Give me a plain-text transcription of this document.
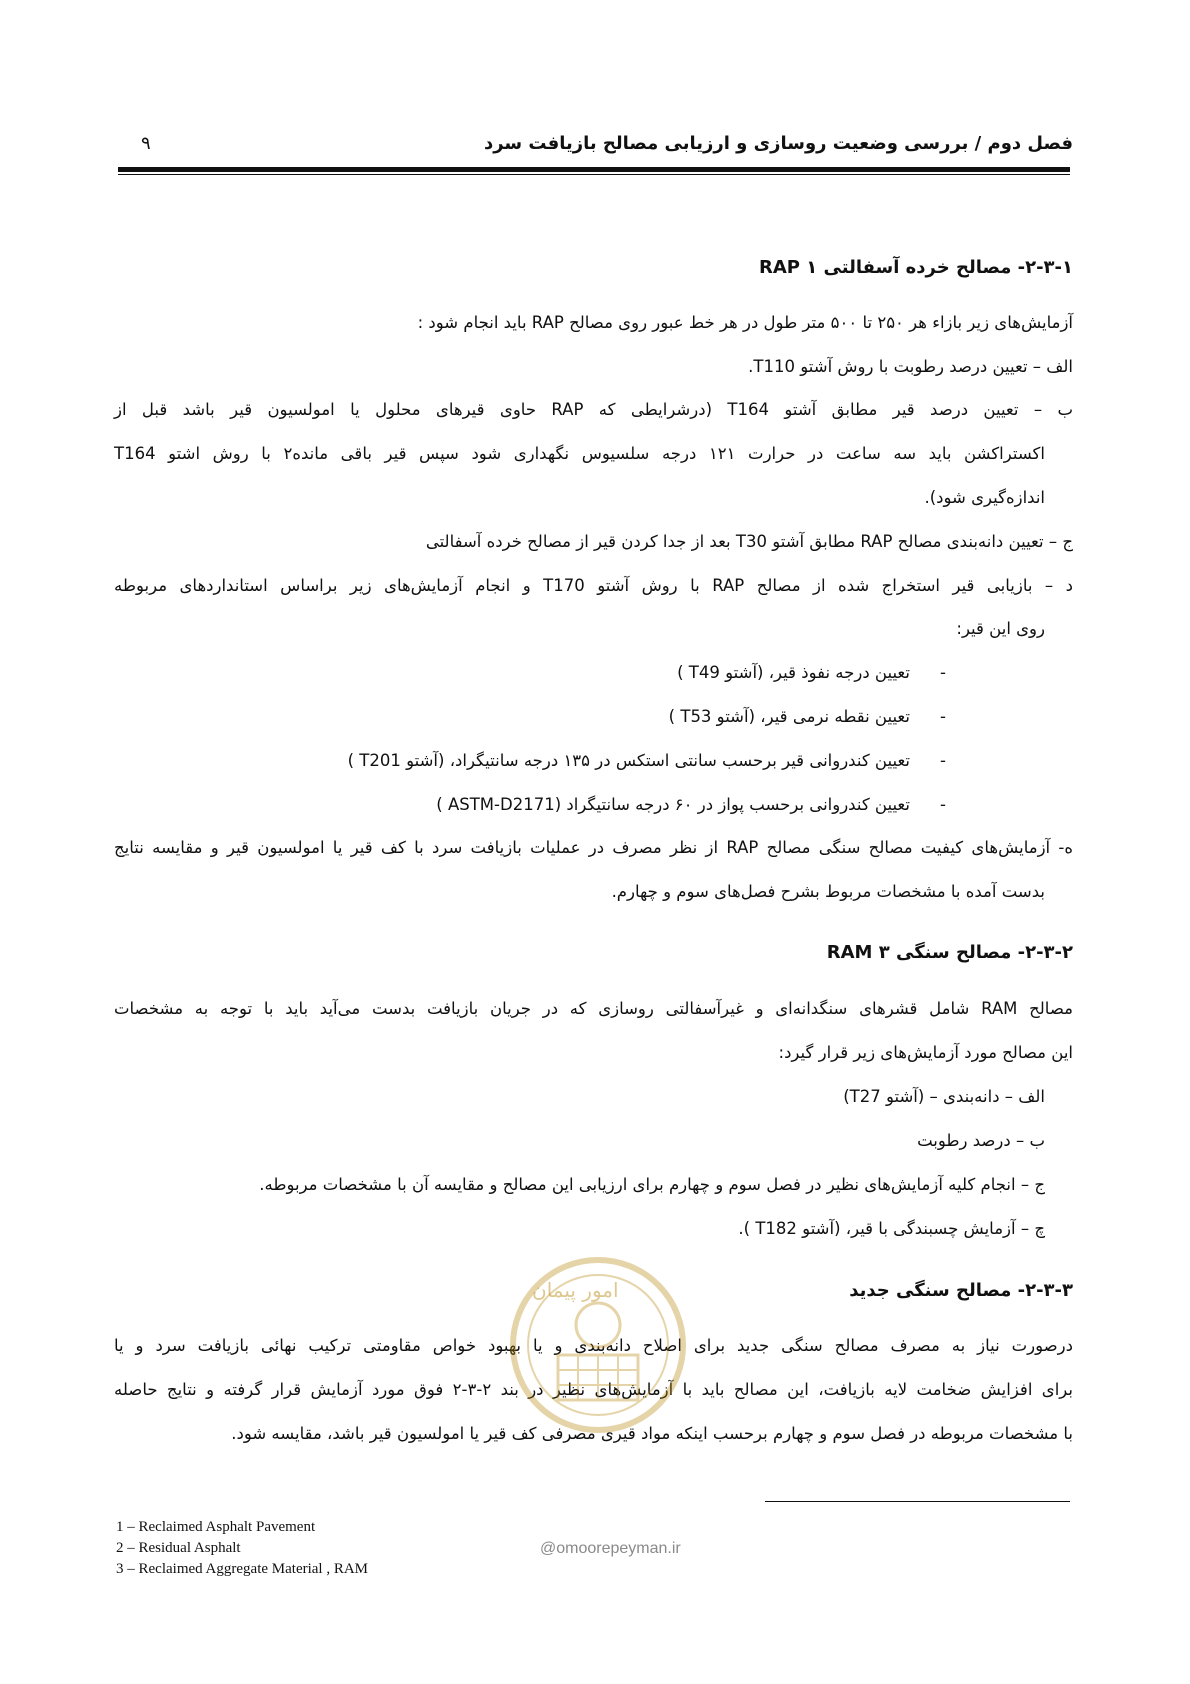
فصل دوم / بررسی وضعیت روسازی و ارزیابی مصالح بازیافت سرد
۹
۲-۳-۱- مصالح خرده آسفالتی RAP ۱
آزمایش‌های زیر بازاء هر ۲۵۰ تا ۵۰۰ متر طول در هر خط عبور روی مصالح RAP باید انجام شود :
الف – تعیین درصد رطوبت با روش آشتو T110.
ب – تعیین درصد قیر مطابق آشتو T164 (درشرایطی که RAP حاوی قیرهای محلول یا امولسیون قیر باشد قبل از
اکستراکشن باید سه ساعت در حرارت ۱۲۱ درجه سلسیوس نگهداری شود سپس قیر باقی مانده۲ با روش اشتو T164
اندازه‌گیری شود).
ج – تعیین دانه‌بندی مصالح RAP مطابق آشتو T30 بعد از جدا کردن قیر از مصالح خرده آسفالتی
د – بازیابی قیر استخراج شده از مصالح RAP با روش آشتو T170 و انجام آزمایش‌های زیر براساس استانداردهای مربوطه
روی این قیر:
-
تعیین درجه نفوذ قیر، (آشتو T49 )
-
تعیین نقطه نرمی قیر، (آشتو T53 )
-
تعیین کندروانی قیر برحسب سانتی استکس در ۱۳۵ درجه سانتیگراد، (آشتو T201 )
-
تعیین کندروانی برحسب پواز در ۶۰ درجه سانتیگراد (ASTM-D2171 )
ه- آزمایش‌های کیفیت مصالح سنگی مصالح RAP از نظر مصرف در عملیات بازیافت سرد با کف قیر یا امولسیون قیر و مقایسه نتایج
بدست آمده با مشخصات مربوط بشرح فصل‌های سوم و چهارم.
۲-۳-۲- مصالح سنگی RAM ۳
مصالح RAM شامل قشرهای سنگدانه‌ای و غیرآسفالتی روسازی که در جریان بازیافت بدست می‌آید باید با توجه به مشخصات
این مصالح مورد آزمایش‌های زیر قرار گیرد:
الف – دانه‌بندی – (آشتو T27)
ب – درصد رطوبت
ج – انجام کلیه آزمایش‌های نظیر در فصل سوم و چهارم برای ارزیابی این مصالح و مقایسه آن با مشخصات مربوطه.
چ – آزمایش چسبندگی با قیر، (آشتو T182 ).
۲-۳-۳- مصالح سنگی جدید
درصورت نیاز به مصرف مصالح سنگی جدید برای اصلاح دانه‌بندی و یا بهبود خواص مقاومتی ترکیب نهائی بازیافت سرد و یا
برای افزایش ضخامت لایه بازیافت، این مصالح باید با آزمایش‌های نظیر در بند ۲-۳-۲ فوق مورد آزمایش قرار گرفته و نتایج حاصله
با مشخصات مربوطه در فصل سوم و چهارم برحسب اینکه مواد قیری مصرفی کف قیر یا امولسیون قیر باشد، مقایسه شود.
امور پیمان
@omoorepeyman.ir
1 – Reclaimed Asphalt Pavement
2 – Residual Asphalt
3 – Reclaimed Aggregate Material , RAM
